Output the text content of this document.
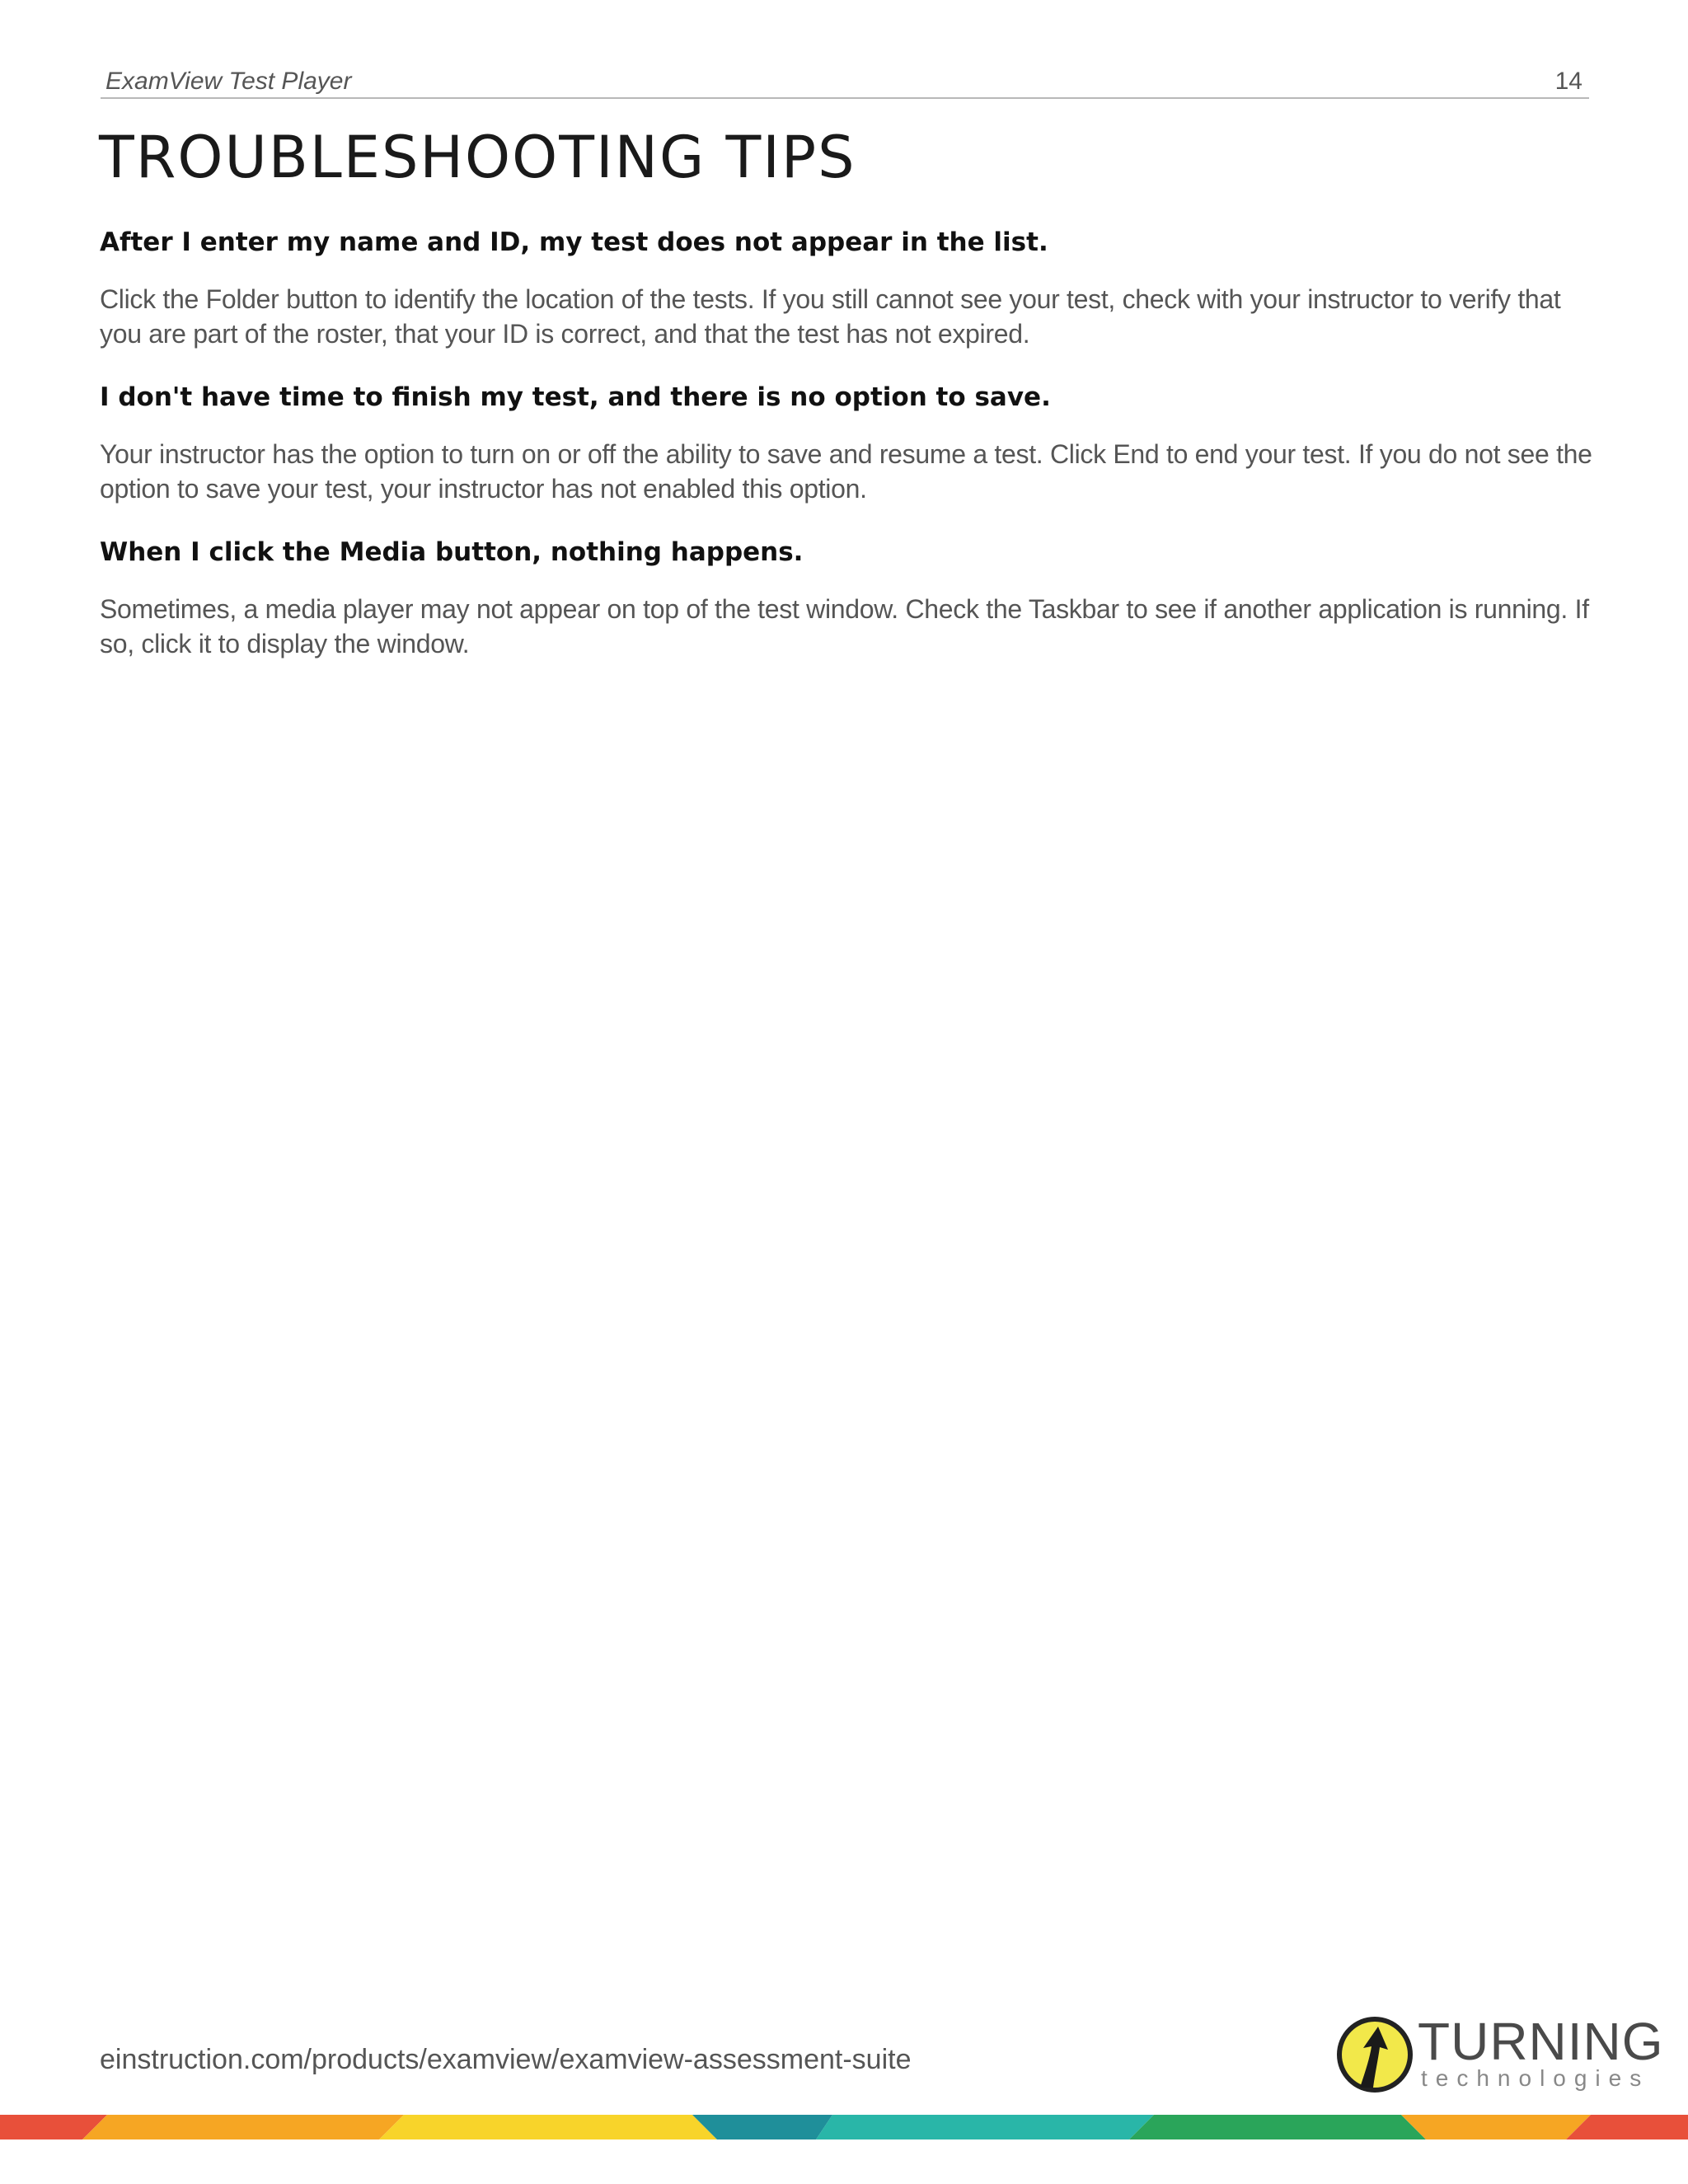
ExamView Test Player	14
TROUBLESHOOTING TIPS
After I enter my name and ID, my test does not appear in the list.

Click the Folder button to identify the location of the tests. If you still cannot see your test, check with your instructor to verify that you are part of the roster, that your ID is correct, and that the test has not expired.

I don't have time to finish my test, and there is no option to save.

Your instructor has the option to turn on or off the ability to save and resume a test. Click End to end your test. If you do not see the option to save your test, your instructor has not enabled this option.

When I click the Media button, nothing happens.

Sometimes, a media player may not appear on top of the test window. Check the Taskbar to see if another application is running. If so, click it to display the window.

einstruction.com/products/examview/examview-assessment-suite	TURNING
technologies
